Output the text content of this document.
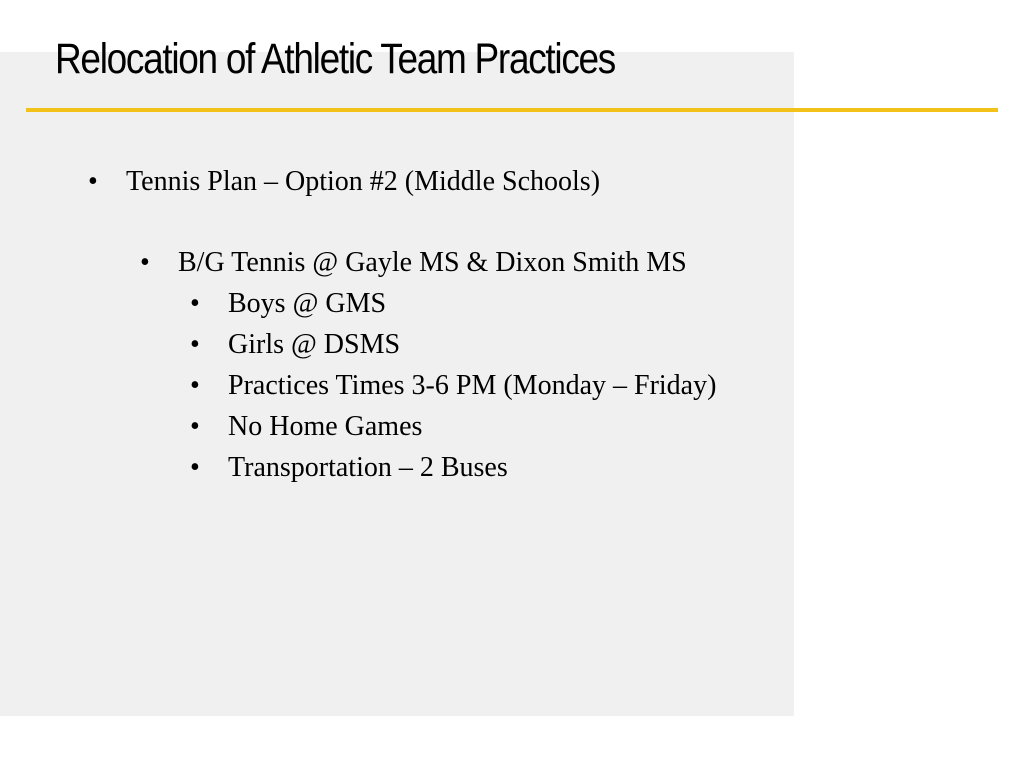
Relocation of Athletic Team Practices
• Tennis Plan – Option #2 (Middle Schools)
• B/G Tennis @ Gayle MS & Dixon Smith MS
• Boys @ GMS
• Girls @ DSMS
• Practices Times 3-6 PM (Monday – Friday)
• No Home Games
• Transportation – 2 Buses
